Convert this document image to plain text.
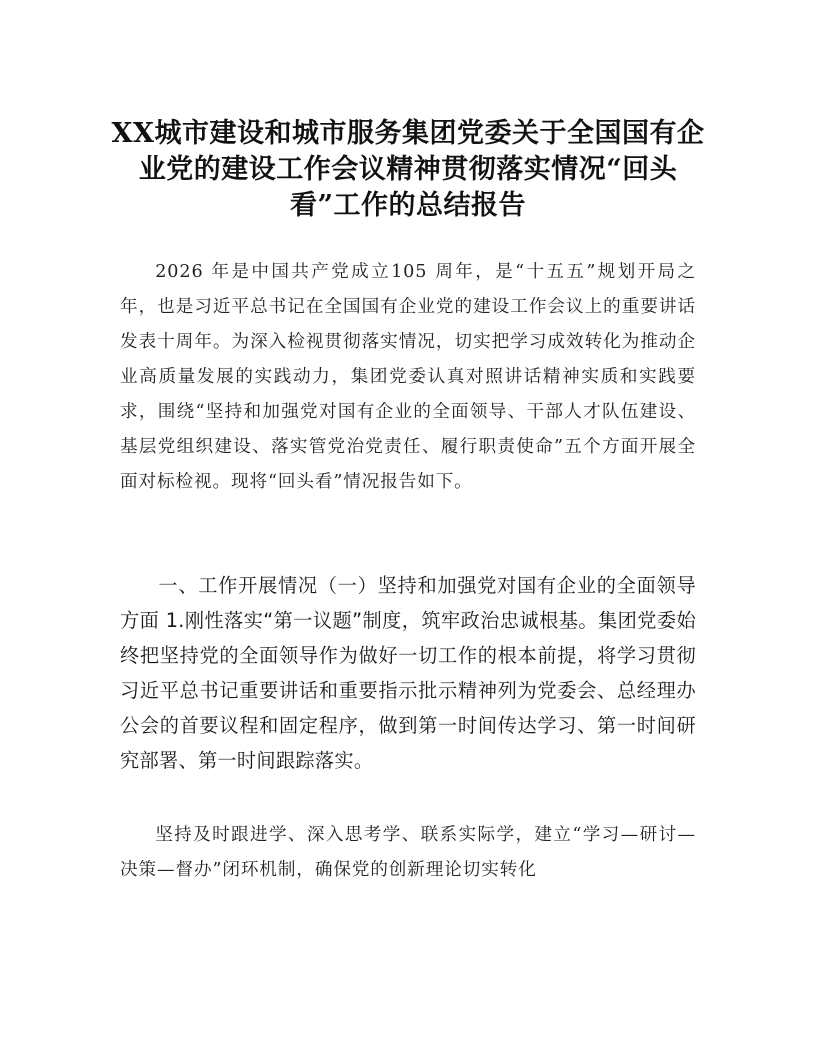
XX城市建设和城市服务集团党委关于全国国有企业党的建设工作会议精神贯彻落实情况“回头看”工作的总结报告

2026 年是中国共产党成立105 周年，是“十五五”规划开局之年，也是习近平总书记在全国国有企业党的建设工作会议上的重要讲话发表十周年。为深入检视贯彻落实情况，切实把学习成效转化为推动企业高质量发展的实践动力，集团党委认真对照讲话精神实质和实践要求，围绕“坚持和加强党对国有企业的全面领导、干部人才队伍建设、基层党组织建设、落实管党治党责任、履行职责使命”五个方面开展全面对标检视。现将“回头看”情况报告如下。

一、工作开展情况（一）坚持和加强党对国有企业的全面领导方面 1.刚性落实“第一议题”制度，筑牢政治忠诚根基。集团党委始终把坚持党的全面领导作为做好一切工作的根本前提，将学习贯彻习近平总书记重要讲话和重要指示批示精神列为党委会、总经理办公会的首要议程和固定程序，做到第一时间传达学习、第一时间研究部署、第一时间跟踪落实。

坚持及时跟进学、深入思考学、联系实际学，建立“学习—研讨—决策—督办”闭环机制，确保党的创新理论切实转化
